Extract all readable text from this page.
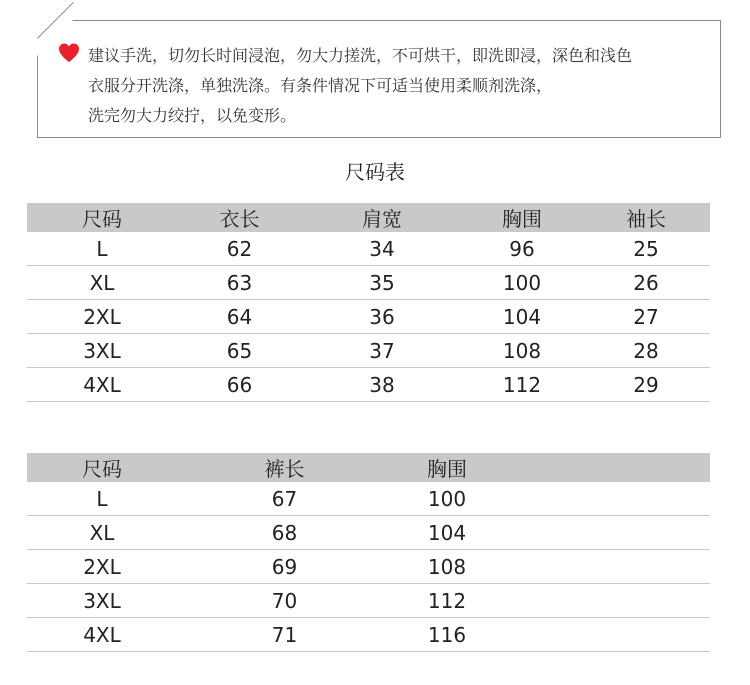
建议手洗，切勿长时间浸泡，勿大力搓洗，不可烘干，即洗即浸，深色和浅色
衣服分开洗涤，单独洗涤。有条件情况下可适当使用柔顺剂洗涤，
洗完勿大力绞拧，以免变形。
尺码表
尺码	衣长	肩宽	胸围	袖长
L	62	34	96	25
XL	63	35	100	26
2XL	64	36	104	27
3XL	65	37	108	28
4XL	66	38	112	29
尺码	裤长	胸围	
L	67	100	
XL	68	104	
2XL	69	108	
3XL	70	112	
4XL	71	116	
